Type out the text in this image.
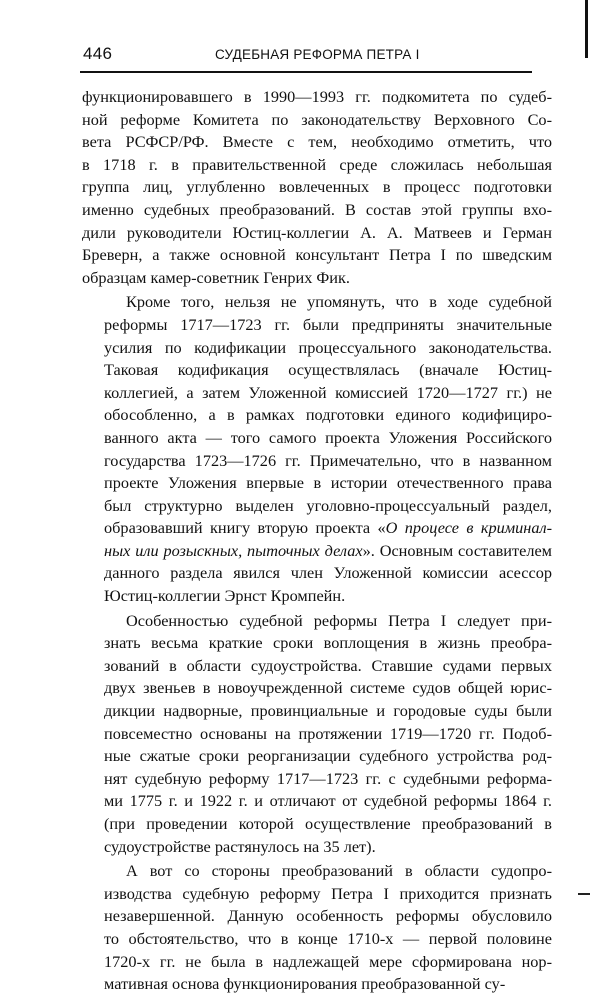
446	СУДЕБНАЯ РЕФОРМА ПЕТРА I
функционировавшего в 1990—1993 гг. подкомитета по судеб-
ной реформе Комитета по законодательству Верховного Со-
вета РСФСР/РФ. Вместе с тем, необходимо отметить, что
в 1718 г. в правительственной среде сложилась небольшая
группа лиц, углубленно вовлеченных в процесс подготовки
именно судебных преобразований. В состав этой группы вхо-
дили руководители Юстиц-коллегии А. А. Матвеев и Герман
Бреверн, а также основной консультант Петра I по шведским
образцам камер-советник Генрих Фик.
Кроме того, нельзя не упомянуть, что в ходе судебной
реформы 1717—1723 гг. были предприняты значительные
усилия по кодификации процессуального законодательства.
Таковая кодификация осуществлялась (вначале Юстиц-
коллегией, а затем Уложенной комиссией 1720—1727 гг.) не
обособленно, а в рамках подготовки единого кодифициро-
ванного акта — того самого проекта Уложения Российского
государства 1723—1726 гг. Примечательно, что в названном
проекте Уложения впервые в истории отечественного права
был структурно выделен уголовно-процессуальный раздел,
образовавший книгу вторую проекта «О процесе в криминал-
ных или розыскных, пыточных делах». Основным составителем
данного раздела явился член Уложенной комиссии асессор
Юстиц-коллегии Эрнст Кромпейн.
Особенностью судебной реформы Петра I следует при-
знать весьма краткие сроки воплощения в жизнь преобра-
зований в области судоустройства. Ставшие судами первых
двух звеньев в новоучрежденной системе судов общей юрис-
дикции надворные, провинциальные и городовые суды были
повсеместно основаны на протяжении 1719—1720 гг. Подоб-
ные сжатые сроки реорганизации судебного устройства род-
нят судебную реформу 1717—1723 гг. с судебными реформа-
ми 1775 г. и 1922 г. и отличают от судебной реформы 1864 г.
(при проведении которой осуществление преобразований в
судоустройстве растянулось на 35 лет).
А вот со стороны преобразований в области судопро-
изводства судебную реформу Петра I приходится признать
незавершенной. Данную особенность реформы обусловило
то обстоятельство, что в конце 1710-х — первой половине
1720-х гг. не была в надлежащей мере сформирована нор-
мативная основа функционирования преобразованной су-
